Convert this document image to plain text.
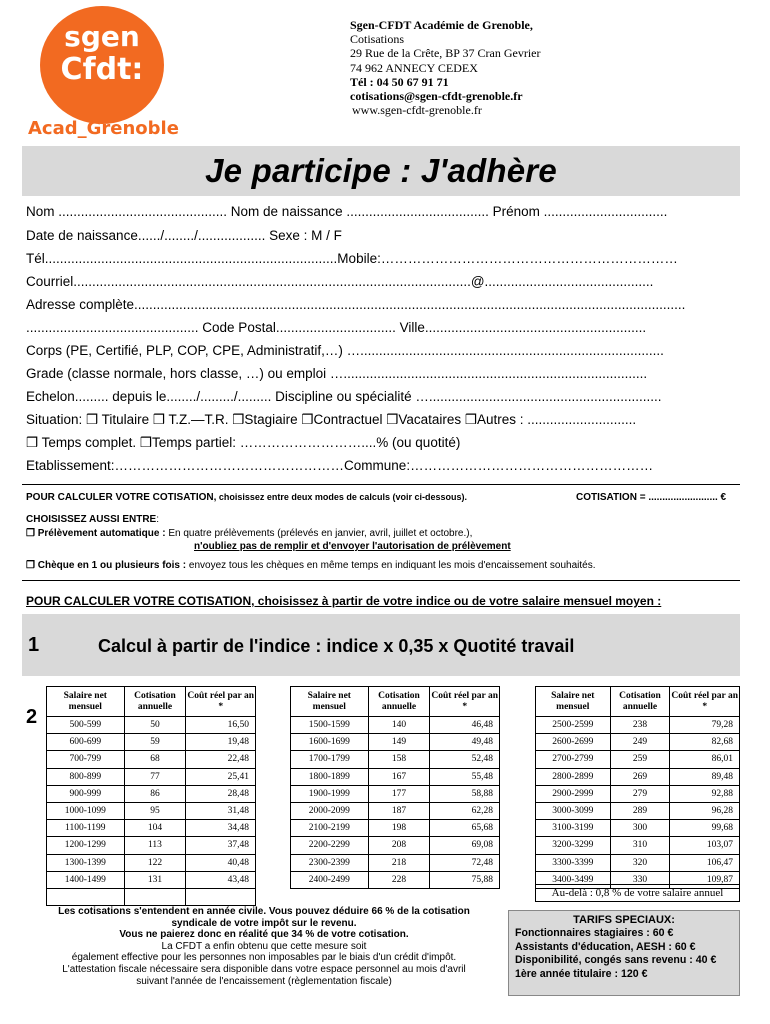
sgen
Cfdt:
Acad_Grenoble
Sgen-CFDT Académie de Grenoble,
Cotisations
29 Rue de la Crête, BP 37 Cran Gevrier
74 962 ANNECY CEDEX
Tél : 04 50 67 91 71
cotisations@sgen-cfdt-grenoble.fr
www.sgen-cfdt-grenoble.fr
Je participe : J'adhère
Nom ............................................. Nom de naissance ...................................... Prénom .................................
Date de naissance....../......../.................. Sexe : M / F
Tél..............................................................................Mobile:…………………………………………………………
Courriel..........................................................................................................@.............................................
Adresse complète...................................................................................................................................................
.............................................. Code Postal................................ Ville...........................................................
Corps (PE, Certifié, PLP, COP, CPE, Administratif,…) ….................................................................................
Grade (classe normale, hors classe, …) ou emploi ….................................................................................
Echelon......... depuis le......../........./......... Discipline ou spécialité …..............................................................
Situation: ❒ Titulaire ❒ T.Z.—T.R. ❒Stagiaire ❒Contractuel ❒Vacataires ❒Autres : .............................
❒ Temps complet. ❒Temps partiel: ………………………....% (ou quotité)
Etablissement:……………………………………………Commune:………………………………………………
POUR CALCULER VOTRE COTISATION, choisissez entre deux modes de calculs (voir ci-dessous).	COTISATION = ......................... €
CHOISISSEZ AUSSI ENTRE:
❒ Prélèvement automatique : En quatre prélèvements (prélevés en janvier, avril, juillet et octobre.),
n'oubliez pas de remplir et d'envoyer l'autorisation de prélèvement
❒ Chèque en 1 ou plusieurs fois : envoyez tous les chèques en même temps en indiquant les mois d'encaissement souhaités.
POUR CALCULER VOTRE COTISATION, choisissez à partir de votre indice ou de votre salaire mensuel moyen :
1	Calcul à partir de l'indice : indice x 0,35 x Quotité travail
2
Salaire net mensuel	Cotisation annuelle	Coût réel par an *
500-599	50	16,50
600-699	59	19,48
700-799	68	22,48
800-899	77	25,41
900-999	86	28,48
1000-1099	95	31,48
1100-1199	104	34,48
1200-1299	113	37,48
1300-1399	122	40,48
1400-1499	131	43,48

Salaire net mensuel	Cotisation annuelle	Coût réel par an *
1500-1599	140	46,48
1600-1699	149	49,48
1700-1799	158	52,48
1800-1899	167	55,48
1900-1999	177	58,88
2000-2099	187	62,28
2100-2199	198	65,68
2200-2299	208	69,08
2300-2399	218	72,48
2400-2499	228	75,88
Salaire net mensuel	Cotisation annuelle	Coût réel par an *
2500-2599	238	79,28
2600-2699	249	82,68
2700-2799	259	86,01
2800-2899	269	89,48
2900-2999	279	92,88
3000-3099	289	96,28
3100-3199	300	99,68
3200-3299	310	103,07
3300-3399	320	106,47
3400-3499	330	109,87
Au-delà : 0,8 % de votre salaire annuel
Les cotisations s'entendent en année civile. Vous pouvez déduire 66 % de la cotisation
syndicale de votre impôt sur le revenu.
Vous ne paierez donc en réalité que 34 % de votre cotisation.
La CFDT a enfin obtenu que cette mesure soit
également effective pour les personnes non imposables par le biais d'un crédit d'impôt.
L'attestation fiscale nécessaire sera disponible dans votre espace personnel au mois d'avril
suivant l'année de l'encaissement (règlementation fiscale)
TARIFS SPECIAUX:
Fonctionnaires stagiaires : 60 €
Assistants d'éducation, AESH : 60 €
Disponibilité, congés sans revenu : 40 €
1ère année titulaire : 120 €
